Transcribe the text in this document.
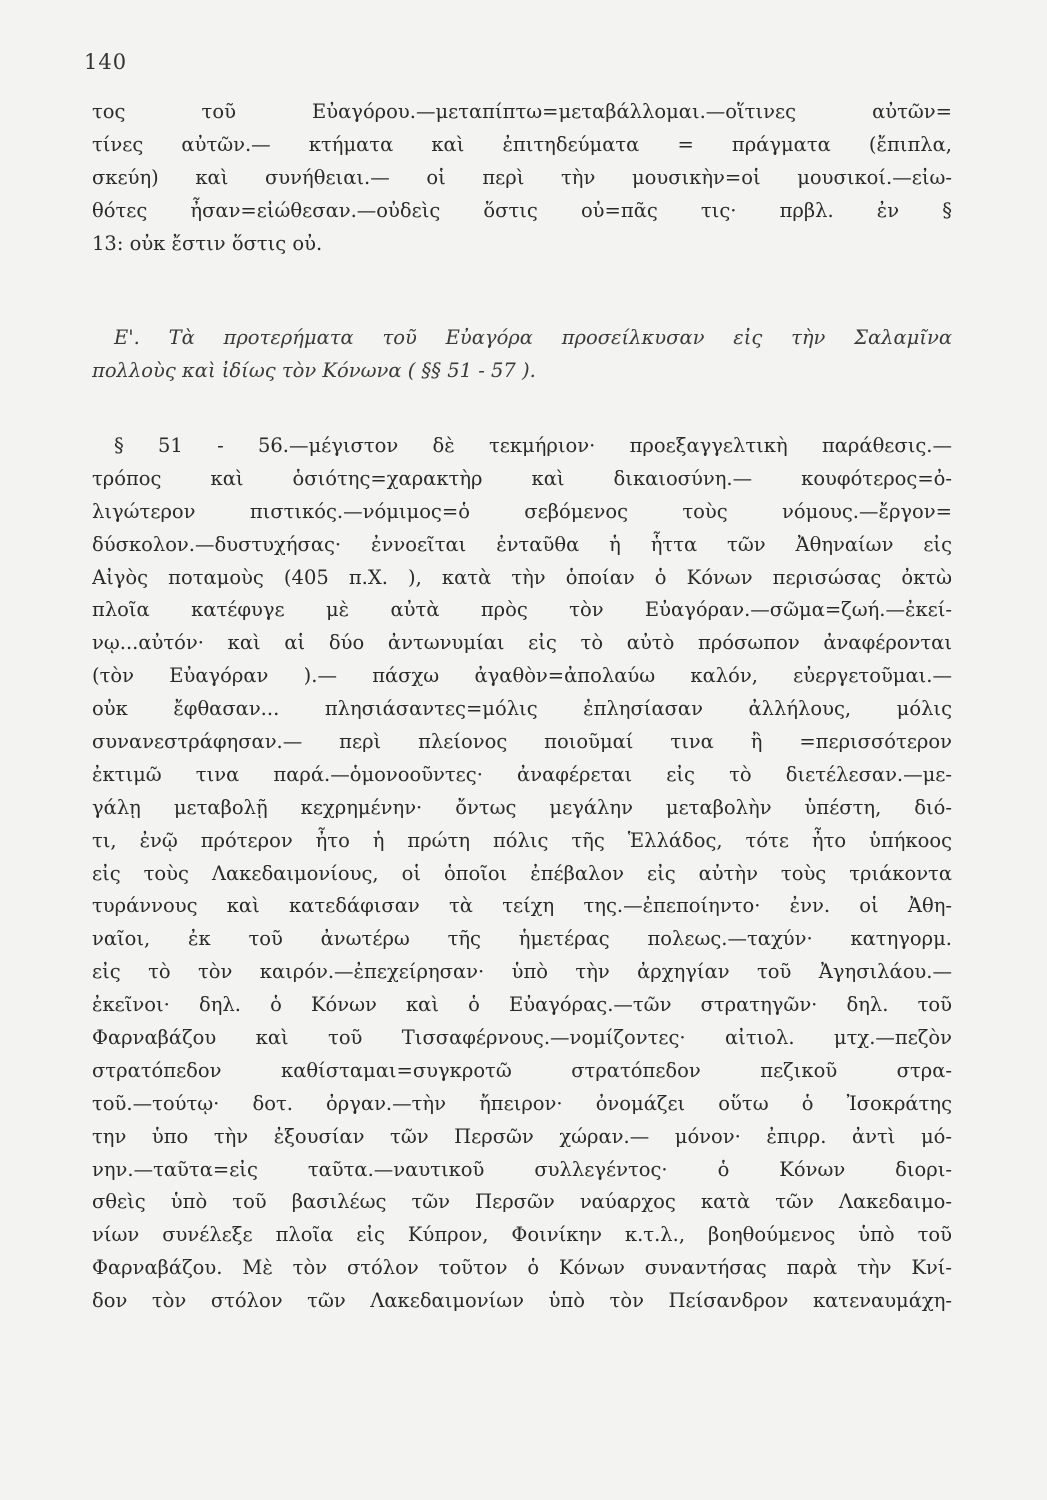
140
τος τοῦ Εὐαγόρου.—μεταπίπτω=μεταβάλλομαι.—οἵτινες αὐτῶν=
τίνες αὐτῶν.— κτήματα καὶ ἐπιτηδεύματα = πράγματα (ἔπιπλα,
σκεύη) καὶ συνήθειαι.— οἱ περὶ τὴν μουσικὴν=οἱ μουσικοί.—εἰω-
θότες ἦσαν=εἰώθεσαν.—οὐδεὶς ὅστις οὐ=πᾶς τις· πρβλ. ἐν §
13: οὐκ ἔστιν ὅστις οὐ.
Ε'. Τὰ προτερήματα τοῦ Εὐαγόρα προσείλκυσαν εἰς τὴν Σαλαμῖνα
πολλοὺς καὶ ἰδίως τὸν Κόνωνα ( §§ 51 - 57 ).
§ 51 - 56.—μέγιστον δὲ τεκμήριον· προεξαγγελτικὴ παράθεσις.—
τρόπος καὶ ὁσιότης=χαρακτὴρ καὶ δικαιοσύνη.— κουφότερος=ὀ-
λιγώτερον πιστικός.—νόμιμος=ὁ σεβόμενος τοὺς νόμους.—ἔργον=
δύσκολον.—δυστυχήσας· ἐννοεῖται ἐνταῦθα ἡ ἧττα τῶν Ἀθηναίων εἰς
Αἰγὸς ποταμοὺς (405 π.Χ. ), κατὰ τὴν ὁποίαν ὁ Κόνων περισώσας ὀκτὼ
πλοῖα κατέφυγε μὲ αὐτὰ πρὸς τὸν Εὐαγόραν.—σῶμα=ζωή.—ἐκεί-
νῳ...αὐτόν· καὶ αἱ δύο ἀντωνυμίαι εἰς τὸ αὐτὸ πρόσωπον ἀναφέρονται
(τὸν Εὐαγόραν ).— πάσχω ἀγαθὸν=ἀπολαύω καλόν, εὐεργετοῦμαι.—
οὐκ ἔφθασαν... πλησιάσαντες=μόλις ἐπλησίασαν ἀλλήλους, μόλις
συνανεστράφησαν.— περὶ πλείονος ποιοῦμαί τινα ἢ =περισσότερον
ἐκτιμῶ τινα παρά.—ὁμονοοῦντες· ἀναφέρεται εἰς τὸ διετέλεσαν.—με-
γάλῃ μεταβολῇ κεχρημένην· ὄντως μεγάλην μεταβολὴν ὑπέστη, διό-
τι, ἐνῷ πρότερον ἦτο ἡ πρώτη πόλις τῆς Ἑλλάδος, τότε ἦτο ὑπήκοος
εἰς τοὺς Λακεδαιμονίους, οἱ ὁποῖοι ἐπέβαλον εἰς αὐτὴν τοὺς τριάκοντα
τυράννους καὶ κατεδάφισαν τὰ τείχη της.—ἐπεποίηντο· ἐνν. οἱ Ἀθη-
ναῖοι, ἐκ τοῦ ἀνωτέρω τῆς ἡμετέρας πολεως.—ταχύν· κατηγορμ.
εἰς τὸ τὸν καιρόν.—ἐπεχείρησαν· ὑπὸ τὴν ἀρχηγίαν τοῦ Ἀγησιλάου.—
ἐκεῖνοι· δηλ. ὁ Κόνων καὶ ὁ Εὐαγόρας.—τῶν στρατηγῶν· δηλ. τοῦ
Φαρναβάζου καὶ τοῦ Τισσαφέρνους.—νομίζοντες· αἰτιολ. μτχ.—πεζὸν
στρατόπεδον καθίσταμαι=συγκροτῶ στρατόπεδον πεζικοῦ στρα-
τοῦ.—τούτῳ· δοτ. ὀργαν.—τὴν ἤπειρον· ὀνομάζει οὕτω ὁ Ἰσοκράτης
την ὑπο τὴν ἐξουσίαν τῶν Περσῶν χώραν.— μόνον· ἐπιρρ. ἀντὶ μό-
νην.—ταῦτα=εἰς ταῦτα.—ναυτικοῦ συλλεγέντος· ὁ Κόνων διορι-
σθεὶς ὑπὸ τοῦ βασιλέως τῶν Περσῶν ναύαρχος κατὰ τῶν Λακεδαιμο-
νίων συνέλεξε πλοῖα εἰς Κύπρον, Φοινίκην κ.τ.λ., βοηθούμενος ὑπὸ τοῦ
Φαρναβάζου. Μὲ τὸν στόλον τοῦτον ὁ Κόνων συναντήσας παρὰ τὴν Κνί-
δον τὸν στόλον τῶν Λακεδαιμονίων ὑπὸ τὸν Πείσανδρον κατεναυμάχη-
